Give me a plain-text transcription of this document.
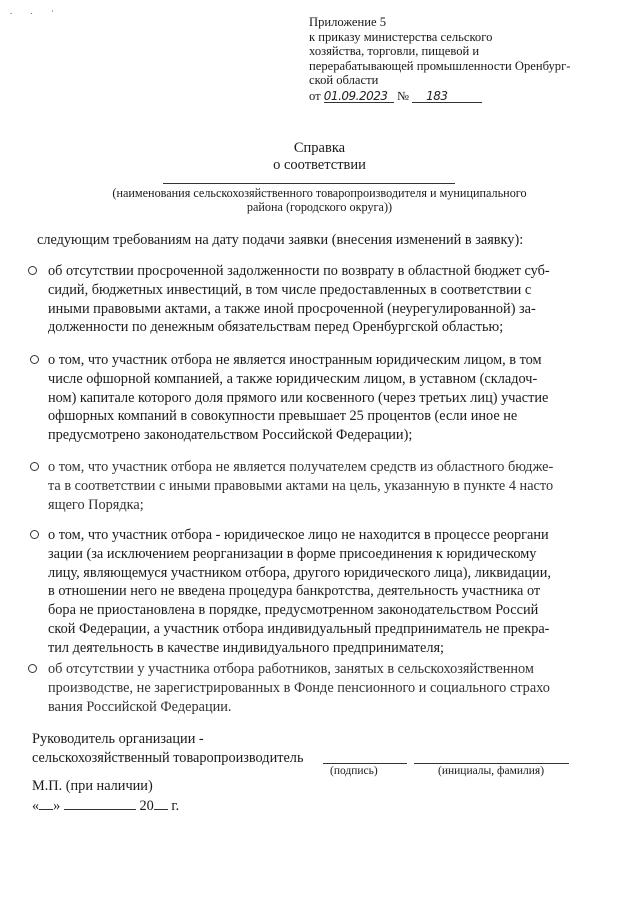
. . ·
Приложение 5
к приказу министерства сельского
хозяйства, торговли, пищевой и
перерабатывающей промышленности Оренбург-
ской области
от 01.09.2023 № 183
Справка
о соответствии
(наименования сельскохозяйственного товаропроизводителя и муниципального
района (городского округа))
следующим требованиям на дату подачи заявки (внесения изменений в заявку):
об отсутствии просроченной задолженности по возврату в областной бюджет суб-
сидий, бюджетных инвестиций, в том числе предоставленных в соответствии с
иными правовыми актами, а также иной просроченной (неурегулированной) за-
долженности по денежным обязательствам перед Оренбургской областью;
о том, что участник отбора не является иностранным юридическим лицом, в том
числе офшорной компанией, а также юридическим лицом, в уставном (складоч-
ном) капитале которого доля прямого или косвенного (через третьих лиц) участие
офшорных компаний в совокупности превышает 25 процентов (если иное не
предусмотрено законодательством Российской Федерации);
о том, что участник отбора не является получателем средств из областного бюдже-
та в соответствии с иными правовыми актами на цель, указанную в пункте 4 насто
ящего Порядка;
о том, что участник отбора - юридическое лицо не находится в процессе реоргани
зации (за исключением реорганизации в форме присоединения к юридическому
лицу, являющемуся участником отбора, другого юридического лица), ликвидации,
в отношении него не введена процедура банкротства, деятельность участника от
бора не приостановлена в порядке, предусмотренном законодательством Россий
ской Федерации, а участник отбора индивидуальный предприниматель не прекра-
тил деятельность в качестве индивидуального предпринимателя;
об отсутствии у участника отбора работников, занятых в сельскохозяйственном
производстве, не зарегистрированных в Фонде пенсионного и социального страхо
вания Российской Федерации.
Руководитель организации -
сельскохозяйственный товаропроизводитель
(подпись)	(инициалы, фамилия)
М.П. (при наличии)
« »	20 г.
